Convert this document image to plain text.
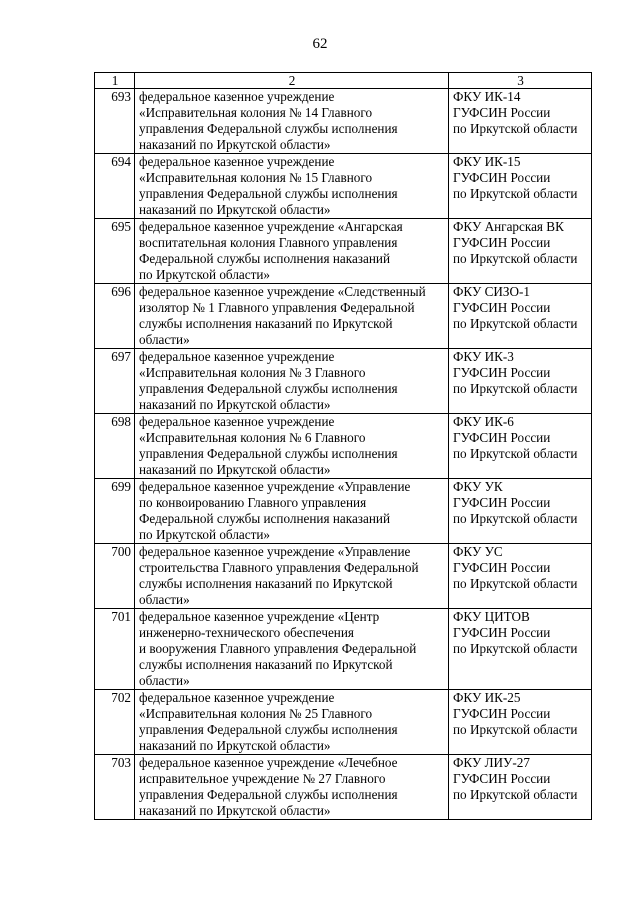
62
1	2	3
693	федеральное казенное учреждение
«Исправительная колония № 14 Главного
управления Федеральной службы исполнения
наказаний по Иркутской области»	ФКУ ИК-14
ГУФСИН России
по Иркутской области

694	федеральное казенное учреждение
«Исправительная колония № 15 Главного
управления Федеральной службы исполнения
наказаний по Иркутской области»	ФКУ ИК-15
ГУФСИН России
по Иркутской области

695	федеральное казенное учреждение «Ангарская
воспитательная колония Главного управления
Федеральной службы исполнения наказаний
по Иркутской области»	ФКУ Ангарская ВК
ГУФСИН России
по Иркутской области

696	федеральное казенное учреждение «Следственный
изолятор № 1 Главного управления Федеральной
службы исполнения наказаний по Иркутской
области»	ФКУ СИЗО-1
ГУФСИН России
по Иркутской области

697	федеральное казенное учреждение
«Исправительная колония № 3 Главного
управления Федеральной службы исполнения
наказаний по Иркутской области»	ФКУ ИК-3
ГУФСИН России
по Иркутской области

698	федеральное казенное учреждение
«Исправительная колония № 6 Главного
управления Федеральной службы исполнения
наказаний по Иркутской области»	ФКУ ИК-6
ГУФСИН России
по Иркутской области

699	федеральное казенное учреждение «Управление
по конвоированию Главного управления
Федеральной службы исполнения наказаний
по Иркутской области»	ФКУ УК
ГУФСИН России
по Иркутской области

700	федеральное казенное учреждение «Управление
строительства Главного управления Федеральной
службы исполнения наказаний по Иркутской
области»	ФКУ УС
ГУФСИН России
по Иркутской области

701	федеральное казенное учреждение «Центр
инженерно-технического обеспечения
и вооружения Главного управления Федеральной
службы исполнения наказаний по Иркутской
области»	ФКУ ЦИТОВ
ГУФСИН России
по Иркутской области

702	федеральное казенное учреждение
«Исправительная колония № 25 Главного
управления Федеральной службы исполнения
наказаний по Иркутской области»	ФКУ ИК-25
ГУФСИН России
по Иркутской области

703	федеральное казенное учреждение «Лечебное
исправительное учреждение № 27 Главного
управления Федеральной службы исполнения
наказаний по Иркутской области»	ФКУ ЛИУ-27
ГУФСИН России
по Иркутской области
